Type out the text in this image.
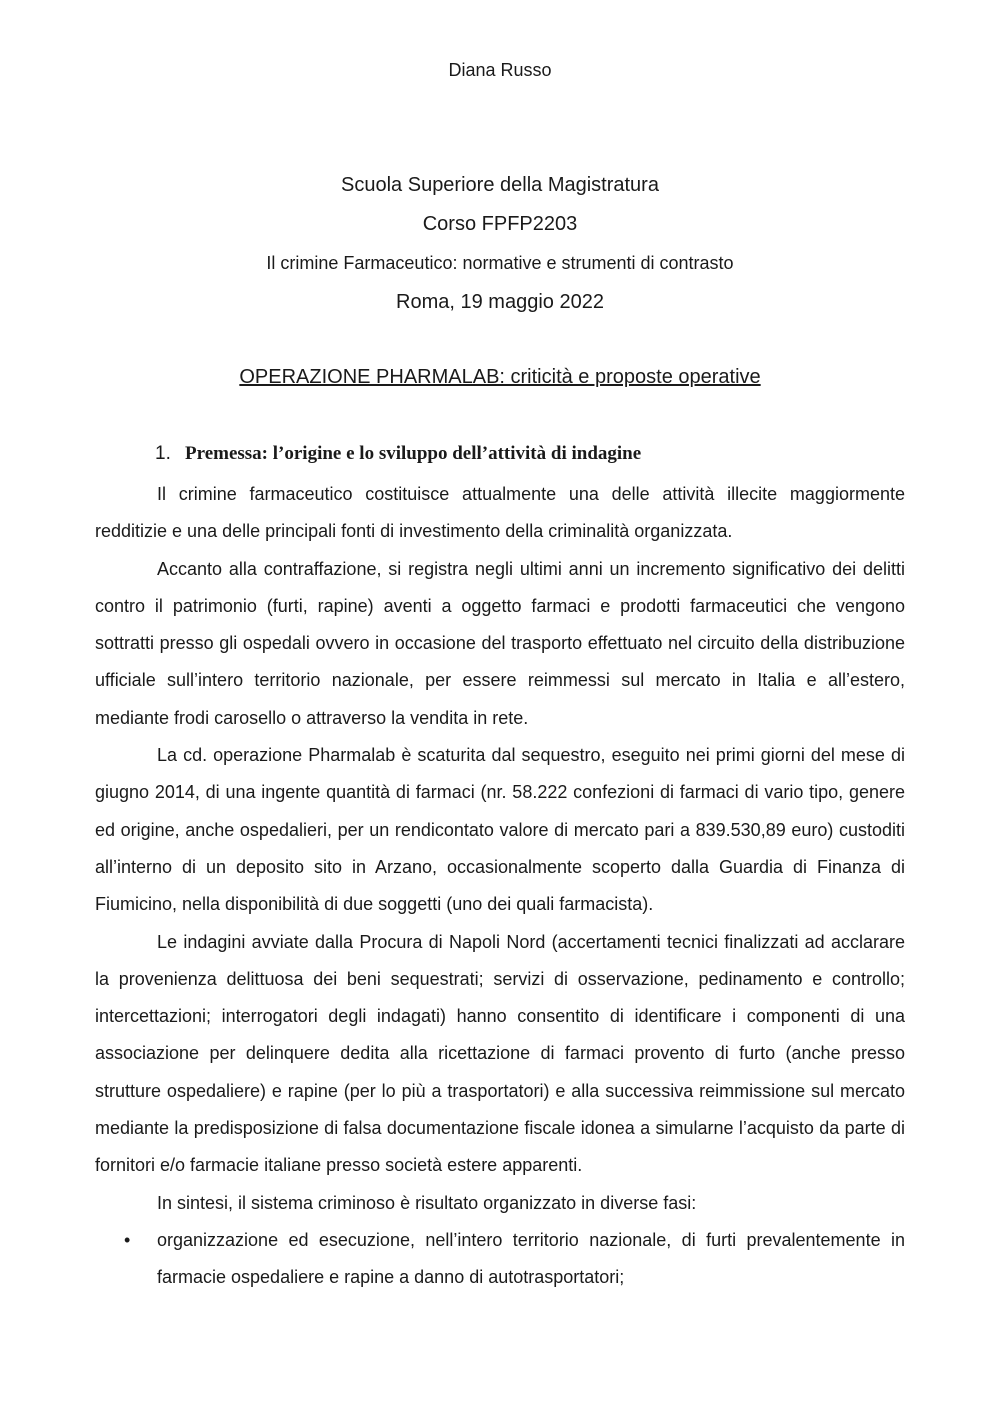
Diana Russo
Scuola Superiore della Magistratura
Corso FPFP2203
Il crimine Farmaceutico: normative e strumenti di contrasto
Roma, 19 maggio 2022
OPERAZIONE PHARMALAB: criticità e proposte operative
1. Premessa: l’origine e lo sviluppo dell’attività di indagine

Il crimine farmaceutico costituisce attualmente una delle attività illecite maggiormente redditizie e una delle principali fonti di investimento della criminalità organizzata.

Accanto alla contraffazione, si registra negli ultimi anni un incremento significativo dei delitti contro il patrimonio (furti, rapine) aventi a oggetto farmaci e prodotti farmaceutici che vengono sottratti presso gli ospedali ovvero in occasione del trasporto effettuato nel circuito della distribuzione ufficiale sull’intero territorio nazionale, per essere reimmessi sul mercato in Italia e all’estero, mediante frodi carosello o attraverso la vendita in rete.

La cd. operazione Pharmalab è scaturita dal sequestro, eseguito nei primi giorni del mese di giugno 2014, di una ingente quantità di farmaci (nr. 58.222 confezioni di farmaci di vario tipo, genere ed origine, anche ospedalieri, per un rendicontato valore di mercato pari a 839.530,89 euro) custoditi all’interno di un deposito sito in Arzano, occasionalmente scoperto dalla Guardia di Finanza di Fiumicino, nella disponibilità di due soggetti (uno dei quali farmacista).

Le indagini avviate dalla Procura di Napoli Nord (accertamenti tecnici finalizzati ad acclarare la provenienza delittuosa dei beni sequestrati; servizi di osservazione, pedinamento e controllo; intercettazioni; interrogatori degli indagati) hanno consentito di identificare i componenti di una associazione per delinquere dedita alla ricettazione di farmaci provento di furto (anche presso strutture ospedaliere) e rapine (per lo più a trasportatori) e alla successiva reimmissione sul mercato mediante la predisposizione di falsa documentazione fiscale idonea a simularne l’acquisto da parte di fornitori e/o farmacie italiane presso società estere apparenti.

In sintesi, il sistema criminoso è risultato organizzato in diverse fasi:

• organizzazione ed esecuzione, nell’intero territorio nazionale, di furti prevalentemente in farmacie ospedaliere e rapine a danno di autotrasportatori;
